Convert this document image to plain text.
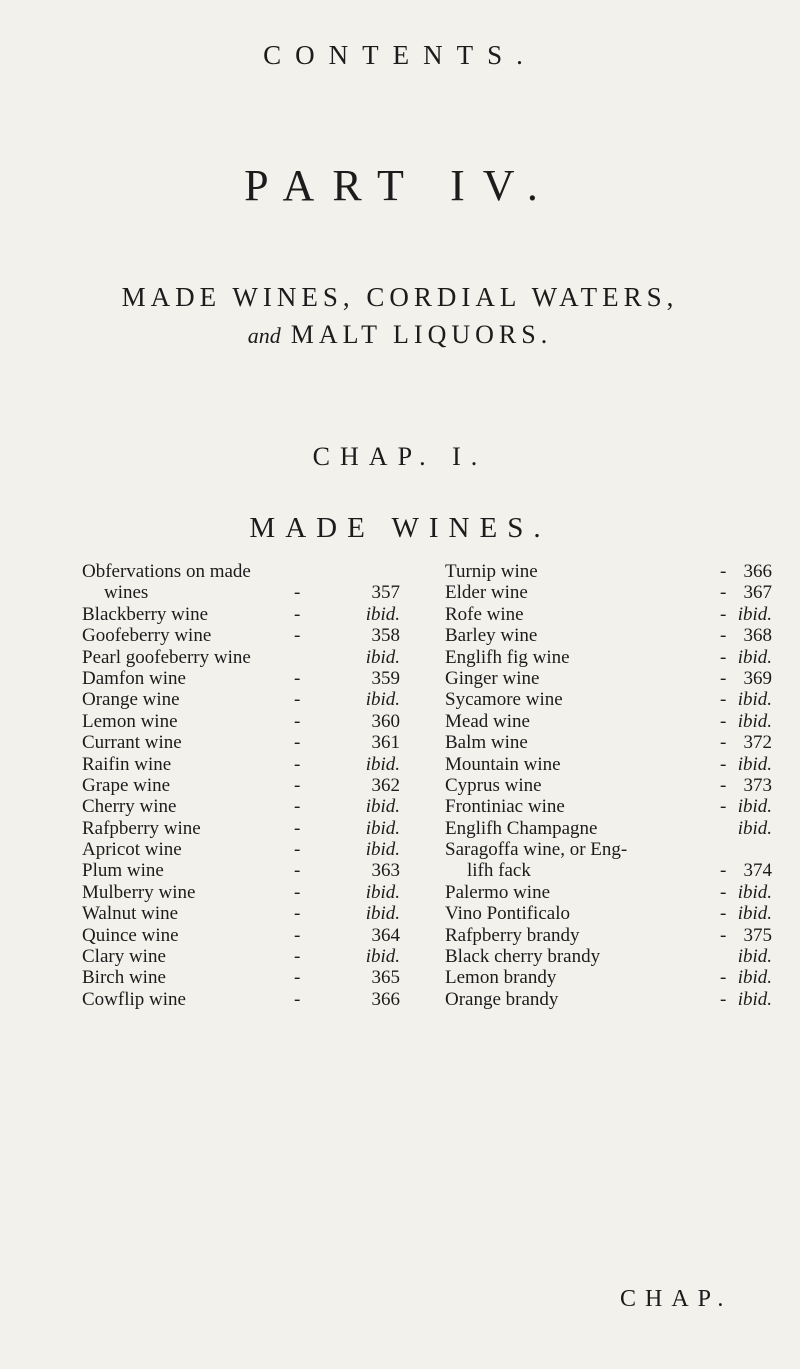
CONTENTS.
PART IV.
MADE WINES, CORDIAL WATERS,
and MALT LIQUORS.
CHAP. I.
MADE WINES.
Obfervations on made
wines	-	357
Blackberry wine	-	ibid.
Goofeberry wine	-	358
Pearl goofeberry wine	ibid.
Damfon wine	-	359
Orange wine	-	ibid.
Lemon wine	-	360
Currant wine	-	361
Raifin wine	-	ibid.
Grape wine	-	362
Cherry wine	-	ibid.
Rafpberry wine	-	ibid.
Apricot wine	-	ibid.
Plum wine	-	363
Mulberry wine	-	ibid.
Walnut wine	-	ibid.
Quince wine	-	364
Clary wine	-	ibid.
Birch wine	-	365
Cowflip wine	-	366
Turnip wine	- 366
Elder wine	- 367
Rofe wine	- ibid.
Barley wine	- 368
Englifh fig wine	- ibid.
Ginger wine	- 369
Sycamore wine	- ibid.
Mead wine	- ibid.
Balm wine	- 372
Mountain wine	- ibid.
Cyprus wine	- 373
Frontiniac wine	- ibid.
Englifh Champagne	ibid.
Saragoffa wine, or Eng-
lifh fack	- 374
Palermo wine	- ibid.
Vino Pontificalo	- ibid.
Rafpberry brandy	- 375
Black cherry brandy	ibid.
Lemon brandy	- ibid.
Orange brandy	- ibid.
CHAP.
